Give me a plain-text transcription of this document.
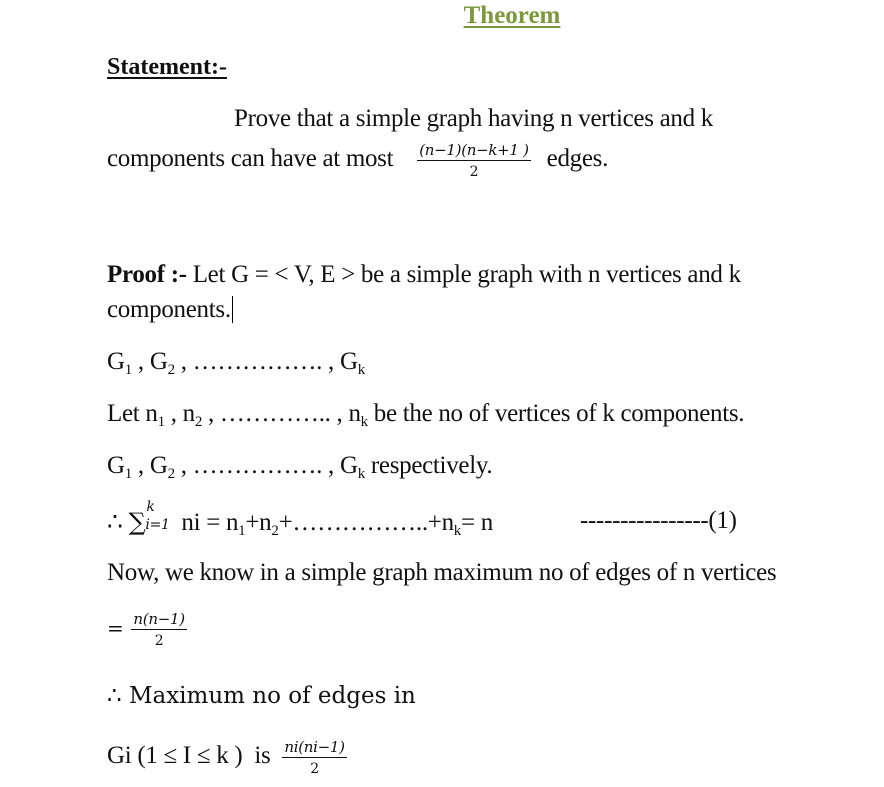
Theorem
Statement:-
Prove that a simple graph having n vertices and k
components can have at most $\frac{(n-1)(n-k+1 )}{2}$ edges.
Proof :- Let G = < V, E > be a simple graph with n vertices and k
components.
$G_1$ , $G_2$ , ……………. , $G_k$
Let $n_1$ , $n_2$ , ………….. , $n_k$ be the no of vertices of k components.
$G_1$ , $G_2$ , ……………. , $G_k$ respectively.
∴ ∑
k
i=1 ni = $n_1+n_2+\dots\dots\dots\dots\dots..+n_k= n$	----------------(1)
Now, we know in a simple graph maximum no of edges of n vertices
= $\frac{n(n-1)}{2}$
∴ Maximum no of edges in
Gi (1 ≤ I ≤ k )  is $\frac{ni(ni-1)}{2}$
